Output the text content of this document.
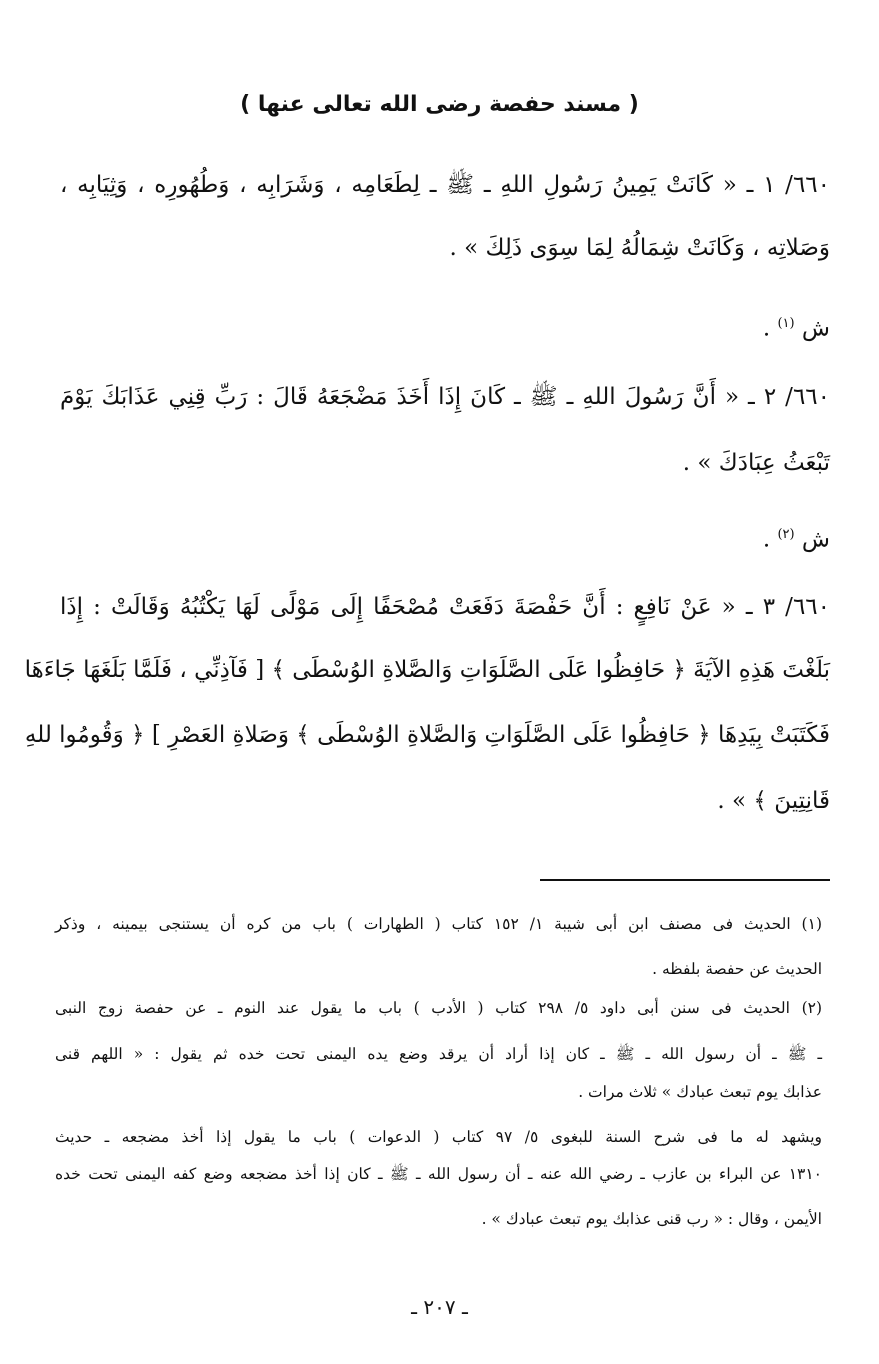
( مسند حفصة رضى الله تعالى عنها )
٦٦٠/ ١ ـ « كَانَتْ يَمِينُ رَسُولِ اللهِ ـ ﷺ ـ لِطَعَامِه ، وَشَرَابِه ، وَطُهُورِه ، وَثِيَابِه ،
وَصَلاتِه ، وَكَانَتْ شِمَالُهُ لِمَا سِوَى ذَلِكَ » .
ش $^{(١)}$ .
٦٦٠/ ٢ ـ « أَنَّ رَسُولَ اللهِ ـ ﷺ ـ كَانَ إِذَا أَخَذَ مَضْجَعَهُ قَالَ : رَبِّ قِنِي عَذَابَكَ يَوْمَ
تَبْعَثُ عِبَادَكَ » .
ش $^{(٢)}$ .
٦٦٠/ ٣ ـ « عَنْ نَافِعٍ : أَنَّ حَفْصَةَ دَفَعَتْ مُصْحَفًا إِلَى مَوْلًى لَهَا يَكْتُبُهُ وَقَالَتْ : إِذَا
بَلَغْتَ هَذِهِ الآيَةَ ﴿ حَافِظُوا عَلَى الصَّلَوَاتِ وَالصَّلاةِ الوُسْطَى ﴾ [ فَآذِنِّي ، فَلَمَّا بَلَغَهَا جَاءَهَا
فَكَتَبَتْ بِيَدِهَا ﴿ حَافِظُوا عَلَى الصَّلَوَاتِ وَالصَّلاةِ الوُسْطَى ﴾ وَصَلاةِ العَصْرِ ] ﴿ وَقُومُوا للهِ
قَانِتِينَ ﴾ » .
(١) الحديث فى مصنف ابن أبى شيبة ١/ ١٥٢ كتاب ( الطهارات ) باب من كره أن يستنجى بيمينه ، وذكر
الحديث عن حفصة بلفظه .
(٢) الحديث فى سنن أبى داود ٥/ ٢٩٨ كتاب ( الأدب ) باب ما يقول عند النوم ـ عن حفصة زوج النبى
ـ ﷺ ـ أن رسول الله ـ ﷺ ـ كان إذا أراد أن يرقد وضع يده اليمنى تحت خده ثم يقول : « اللهم قنى
عذابك يوم تبعث عبادك » ثلاث مرات .
ويشهد له ما فى شرح السنة للبغوى ٥/ ٩٧ كتاب ( الدعوات ) باب ما يقول إذا أخذ مضجعه ـ حديث
١٣١٠ عن البراء بن عازب ـ رضي الله عنه ـ أن رسول الله ـ ﷺ ـ كان إذا أخذ مضجعه وضع كفه اليمنى تحت خده
الأيمن ، وقال : « رب قنى عذابك يوم تبعث عبادك » .
ـ ٢٠٧ ـ
